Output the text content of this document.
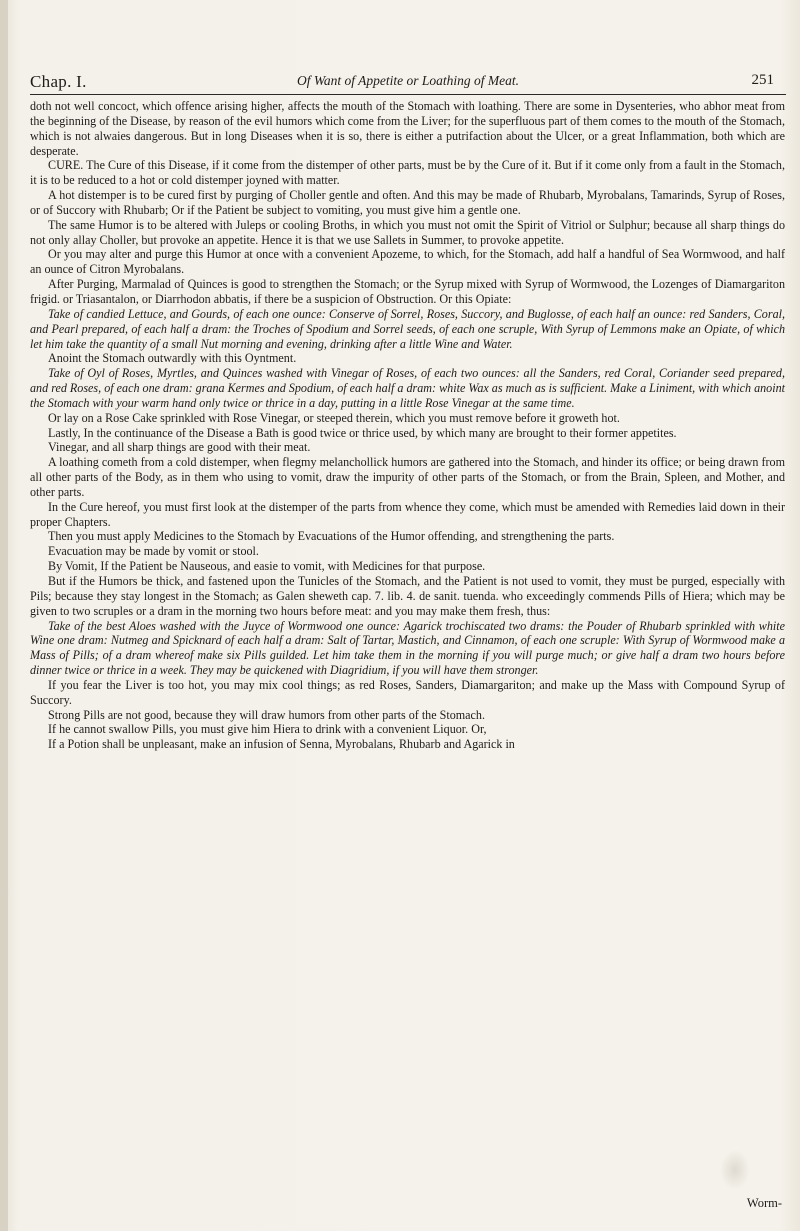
Chap. I.	Of Want of Appetite or Loathing of Meat.	251

doth not well concoct, which offence arising higher, affects the mouth of the Stomach with loathing. There are some in Dysenteries, who abhor meat from the beginning of the Disease, by reason of the evil humors which come from the Liver; for the superfluous part of them comes to the mouth of the Stomach, which is not alwaies dangerous. But in long Diseases when it is so, there is either a putrifaction about the Ulcer, or a great Inflammation, both which are desperate.

CURE. The Cure of this Disease, if it come from the distemper of other parts, must be by the Cure of it. But if it come only from a fault in the Stomach, it is to be reduced to a hot or cold distemper joyned with matter.

A hot distemper is to be cured first by purging of Choller gentle and often. And this may be made of Rhubarb, Myrobalans, Tamarinds, Syrup of Roses, or of Succory with Rhubarb; Or if the Patient be subject to vomiting, you must give him a gentle one.

The same Humor is to be altered with Juleps or cooling Broths, in which you must not omit the Spirit of Vitriol or Sulphur; because all sharp things do not only allay Choller, but provoke an appetite. Hence it is that we use Sallets in Summer, to provoke appetite.

Or you may alter and purge this Humor at once with a convenient Apozeme, to which, for the Stomach, add half a handful of Sea Wormwood, and half an ounce of Citron Myrobalans.

After Purging, Marmalad of Quinces is good to strengthen the Stomach; or the Syrup mixed with Syrup of Wormwood, the Lozenges of Diamargariton frigid. or Triasantalon, or Diarrhodon abbatis, if there be a suspicion of Obstruction. Or this Opiate:

Take of candied Lettuce, and Gourds, of each one ounce: Conserve of Sorrel, Roses, Succory, and Buglosse, of each half an ounce: red Sanders, Coral, and Pearl prepared, of each half a dram: the Troches of Spodium and Sorrel seeds, of each one scruple, With Syrup of Lemmons make an Opiate, of which let him take the quantity of a small Nut morning and evening, drinking after a little Wine and Water.

Anoint the Stomach outwardly with this Oyntment.

Take of Oyl of Roses, Myrtles, and Quinces washed with Vinegar of Roses, of each two ounces: all the Sanders, red Coral, Coriander seed prepared, and red Roses, of each one dram: grana Kermes and Spodium, of each half a dram: white Wax as much as is sufficient. Make a Liniment, with which anoint the Stomach with your warm hand only twice or thrice in a day, putting in a little Rose Vinegar at the same time.

Or lay on a Rose Cake sprinkled with Rose Vinegar, or steeped therein, which you must remove before it groweth hot.

Lastly, In the continuance of the Disease a Bath is good twice or thrice used, by which many are brought to their former appetites.

Vinegar, and all sharp things are good with their meat.

A loathing cometh from a cold distemper, when flegmy melanchollick humors are gathered into the Stomach, and hinder its office; or being drawn from all other parts of the Body, as in them who using to vomit, draw the impurity of other parts of the Stomach, or from the Brain, Spleen, and Mother, and other parts.

In the Cure hereof, you must first look at the distemper of the parts from whence they come, which must be amended with Remedies laid down in their proper Chapters.

Then you must apply Medicines to the Stomach by Evacuations of the Humor offending, and strengthening the parts.

Evacuation may be made by vomit or stool.

By Vomit, If the Patient be Nauseous, and easie to vomit, with Medicines for that purpose.

But if the Humors be thick, and fastened upon the Tunicles of the Stomach, and the Patient is not used to vomit, they must be purged, especially with Pils; because they stay longest in the Stomach; as Galen sheweth cap. 7. lib. 4. de sanit. tuenda. who exceedingly commends Pills of Hiera; which may be given to two scruples or a dram in the morning two hours before meat: and you may make them fresh, thus:

Take of the best Aloes washed with the Juyce of Wormwood one ounce: Agarick trochiscated two drams: the Pouder of Rhubarb sprinkled with white Wine one dram: Nutmeg and Spicknard of each half a dram: Salt of Tartar, Mastich, and Cinnamon, of each one scruple: With Syrup of Wormwood make a Mass of Pills; of a dram whereof make six Pills guilded. Let him take them in the morning if you will purge much; or give half a dram two hours before dinner twice or thrice in a week. They may be quickened with Diagridium, if you will have them stronger.

If you fear the Liver is too hot, you may mix cool things; as red Roses, Sanders, Diamargariton; and make up the Mass with Compound Syrup of Succory.

Strong Pills are not good, because they will draw humors from other parts of the Stomach.

If he cannot swallow Pills, you must give him Hiera to drink with a convenient Liquor. Or,

If a Potion shall be unpleasant, make an infusion of Senna, Myrobalans, Rhubarb and Agarick in

Worm-
